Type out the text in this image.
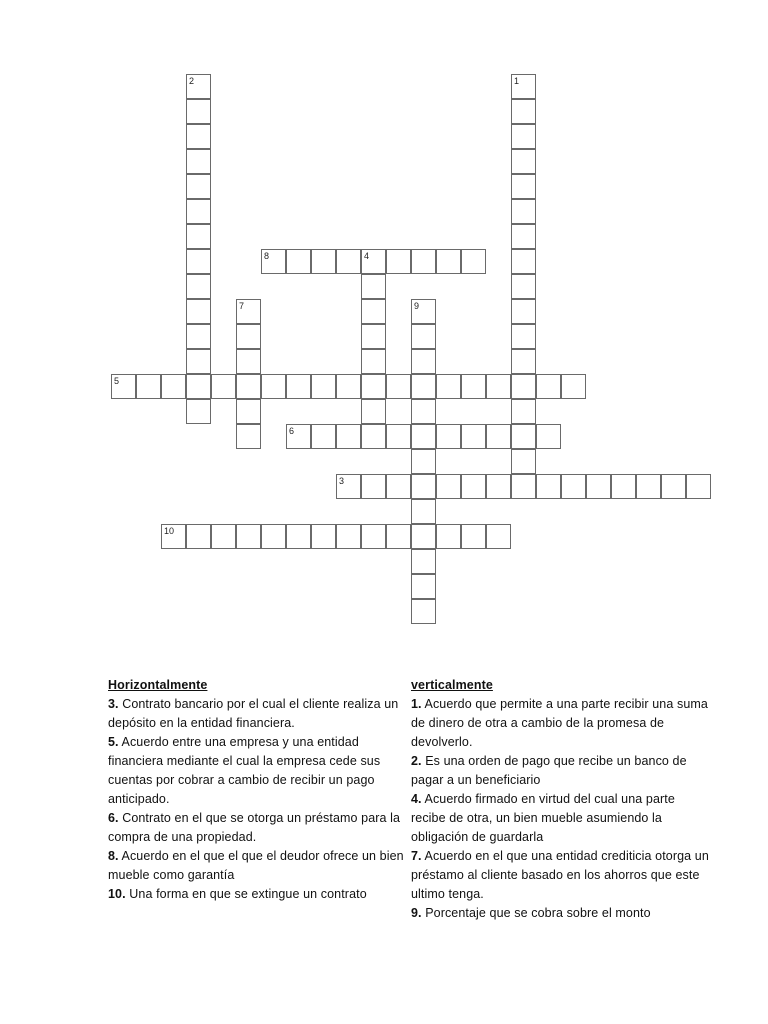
1
2
8	4
7	9
5
6
3
10

Horizontalmente

3. Contrato bancario por el cual el cliente realiza un depósito en la entidad financiera.

5. Acuerdo entre una empresa y una entidad financiera mediante el cual la empresa cede sus cuentas por cobrar a cambio de recibir un pago anticipado.

6. Contrato en el que se otorga un préstamo para la compra de una propiedad.

8. Acuerdo en el que el que el deudor ofrece un bien mueble como garantía

10. Una forma en que se extingue un contrato

verticalmente

1. Acuerdo que permite a una parte recibir una suma de dinero de otra a cambio de la promesa de devolverlo.

2. Es una orden de pago que recibe un banco de pagar a un beneficiario

4. Acuerdo firmado en virtud del cual una parte recibe de otra, un bien mueble asumiendo la obligación de guardarla

7. Acuerdo en el que una entidad crediticia otorga un préstamo al cliente basado en los ahorros que este ultimo tenga.

9. Porcentaje que se cobra sobre el monto
